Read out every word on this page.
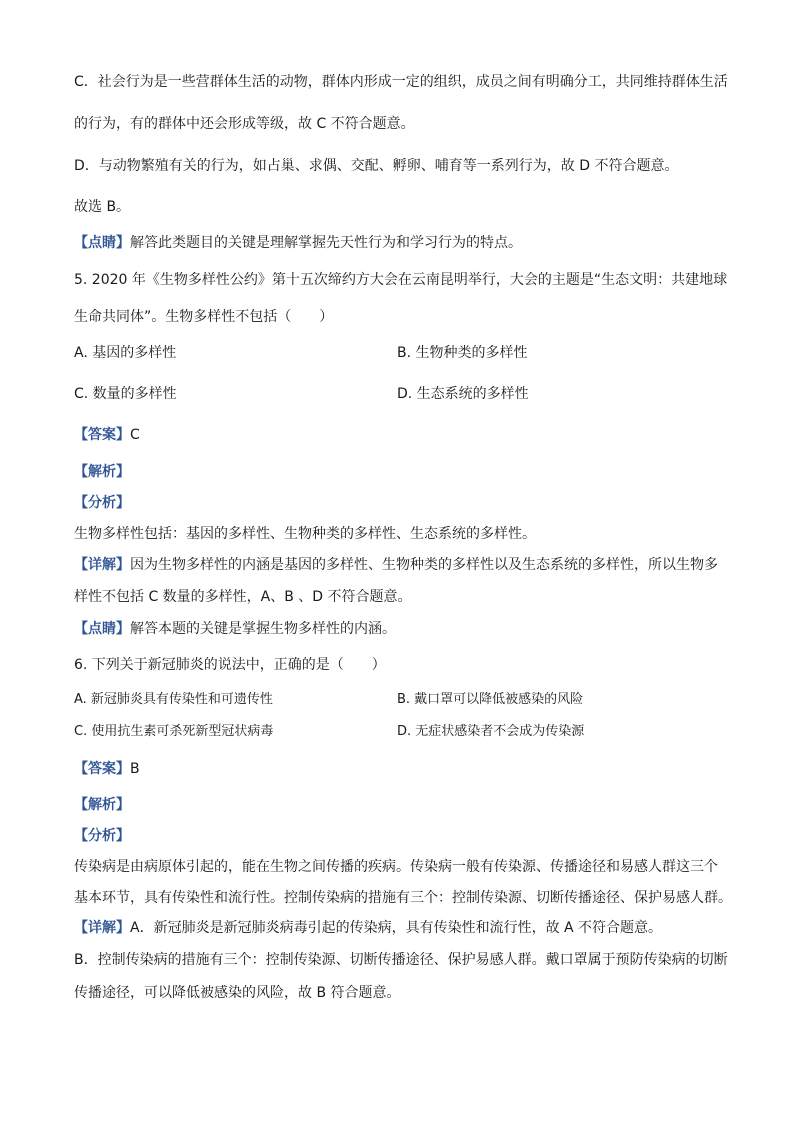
C．社会行为是一些营群体生活的动物，群体内形成一定的组织，成员之间有明确分工，共同维持群体生活
的行为，有的群体中还会形成等级，故 C 不符合题意。
D．与动物繁殖有关的行为，如占巢、求偶、交配、孵卵、哺育等一系列行为，故 D 不符合题意。
故选 B。
【点睛】解答此类题目的关键是理解掌握先天性行为和学习行为的特点。
5. 2020 年《生物多样性公约》第十五次缔约方大会在云南昆明举行，大会的主题是“生态文明：共建地球
生命共同体”。生物多样性不包括（　　）
A. 基因的多样性	B. 生物种类的多样性
C. 数量的多样性	D. 生态系统的多样性
【答案】C
【解析】
【分析】
生物多样性包括：基因的多样性、生物种类的多样性、生态系统的多样性。
【详解】因为生物多样性的内涵是基因的多样性、生物种类的多样性以及生态系统的多样性，所以生物多
样性不包括 C 数量的多样性，A、B 、D 不符合题意。
【点睛】解答本题的关键是掌握生物多样性的内涵。
6. 下列关于新冠肺炎的说法中，正确的是（　　）
A. 新冠肺炎具有传染性和可遗传性	B. 戴口罩可以降低被感染的风险
C. 使用抗生素可杀死新型冠状病毒	D. 无症状感染者不会成为传染源
【答案】B
【解析】
【分析】
传染病是由病原体引起的，能在生物之间传播的疾病。传染病一般有传染源、传播途径和易感人群这三个
基本环节，具有传染性和流行性。控制传染病的措施有三个：控制传染源、切断传播途径、保护易感人群。
【详解】A．新冠肺炎是新冠肺炎病毒引起的传染病，具有传染性和流行性，故 A 不符合题意。
B．控制传染病的措施有三个：控制传染源、切断传播途径、保护易感人群。戴口罩属于预防传染病的切断
传播途径，可以降低被感染的风险，故 B 符合题意。
